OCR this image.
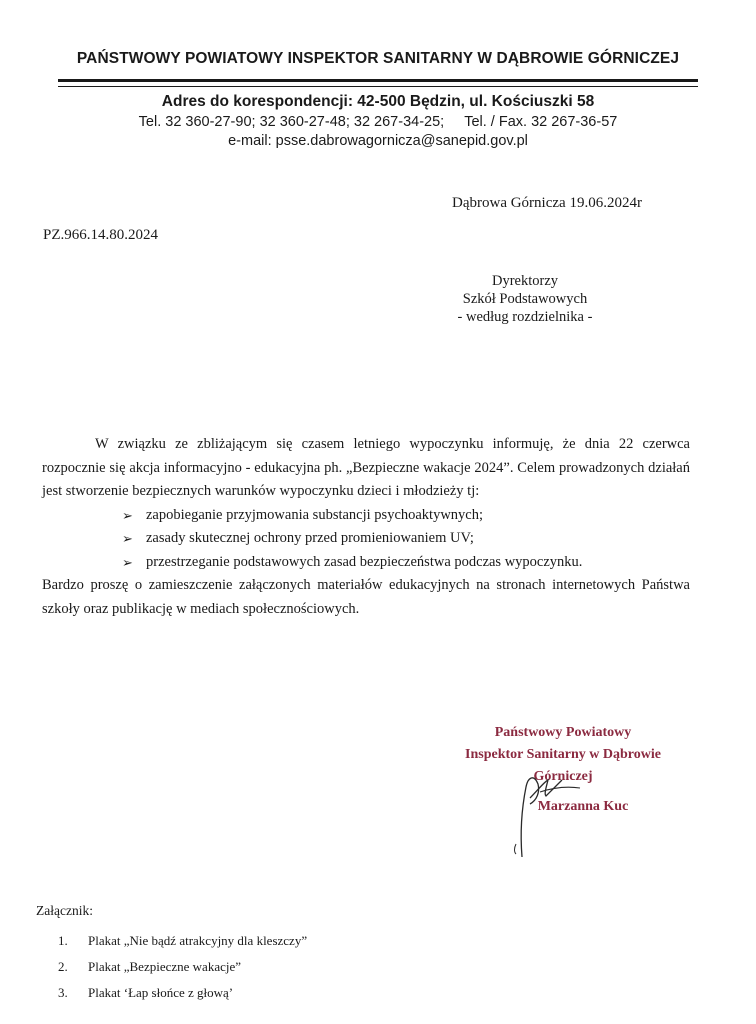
PAŃSTWOWY POWIATOWY INSPEKTOR SANITARNY W DĄBROWIE GÓRNICZEJ
Adres do korespondencji: 42-500 Będzin, ul. Kościuszki 58
Tel. 32 360-27-90; 32 360-27-48; 32 267-34-25; Tel. / Fax. 32 267-36-57
e-mail: psse.dabrowagornicza@sanepid.gov.pl
Dąbrowa Górnicza 19.06.2024r
PZ.966.14.80.2024
Dyrektorzy
Szkół Podstawowych
- według rozdzielnika -

W związku ze zbliżającym się czasem letniego wypoczynku informuję, że dnia 22 czerwca rozpocznie się akcja informacyjno - edukacyjna ph. „Bezpieczne wakacje 2024”. Celem prowadzonych działań jest stworzenie bezpiecznych warunków wypoczynku dzieci i młodzieży tj:

➢ zapobieganie przyjmowania substancji psychoaktywnych;
➢ zasady skutecznej ochrony przed promieniowaniem UV;
➢ przestrzeganie podstawowych zasad bezpieczeństwa podczas wypoczynku.

Bardzo proszę o zamieszczenie załączonych materiałów edukacyjnych na stronach internetowych Państwa szkoły oraz publikację w mediach społecznościowych.

Państwowy Powiatowy
Inspektor Sanitarny w Dąbrowie Górniczej
Marzanna Kuc
Załącznik:
1. Plakat „Nie bądź atrakcyjny dla kleszczy”
2. Plakat „Bezpieczne wakacje”
3. Plakat ‘Łap słońce z głową’
